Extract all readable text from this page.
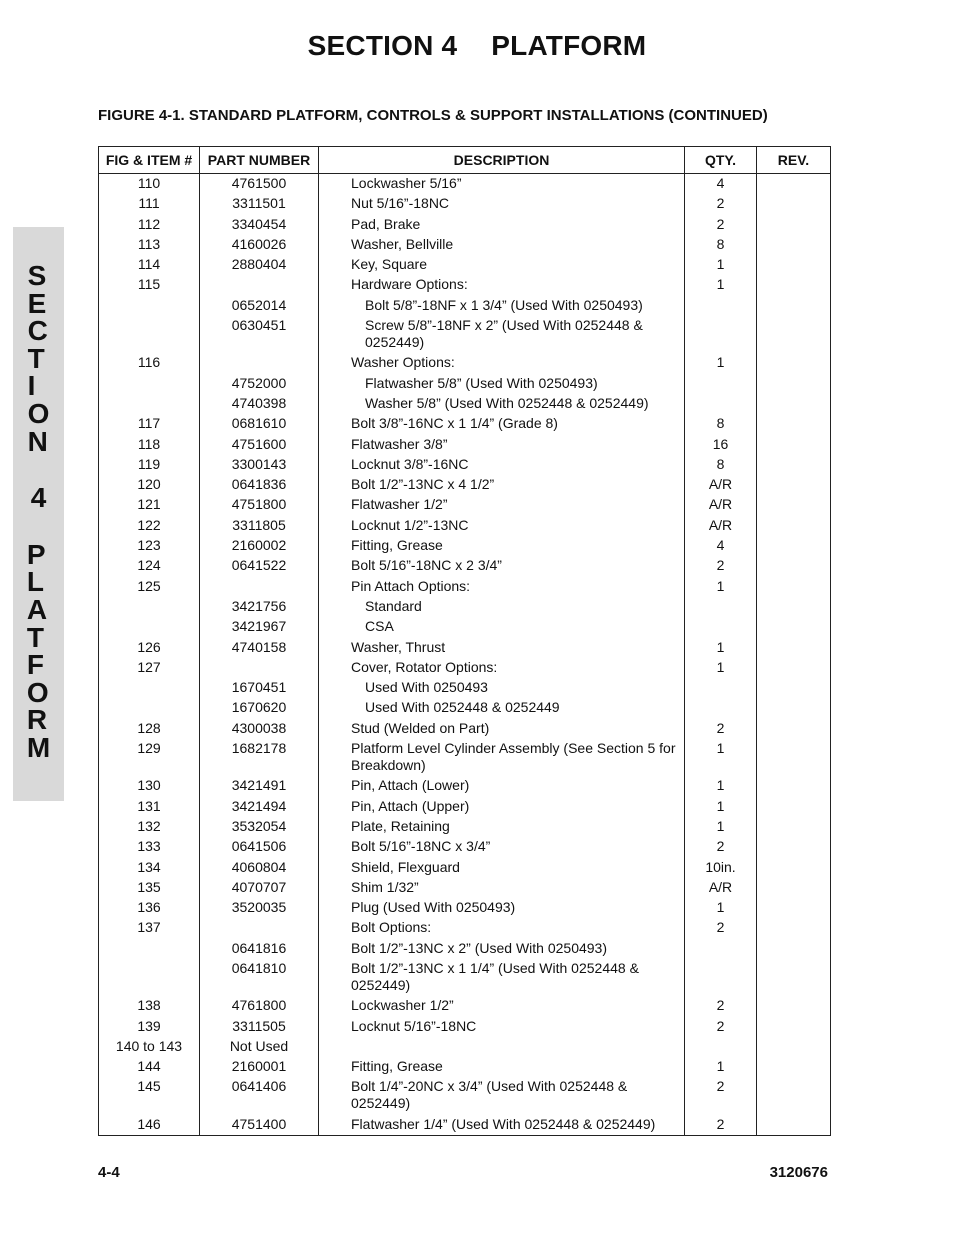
SECTION 4 PLATFORM
FIGURE 4-1. STANDARD PLATFORM, CONTROLS & SUPPORT INSTALLATIONS (CONTINUED)
S
E
C
T
I
O
N
4
P
L
A
T
F
O
R
M
FIG & ITEM #	PART NUMBER	DESCRIPTION	QTY.	REV.
110	4761500	Lockwasher 5/16”	4	
111	3311501	Nut 5/16”-18NC	2	
112	3340454	Pad, Brake	2	
113	4160026	Washer, Bellville	8	
114	2880404	Key, Square	1	
115		Hardware Options:	1	
	0652014	Bolt 5/8”-18NF x 1 3/4” (Used With 0250493)		
	0630451	Screw 5/8”-18NF x 2” (Used With 0252448 & 0252449)		
116		Washer Options:	1	
	4752000	Flatwasher 5/8” (Used With 0250493)		
	4740398	Washer 5/8” (Used With 0252448 & 0252449)		
117	0681610	Bolt 3/8”-16NC x 1 1/4” (Grade 8)	8	
118	4751600	Flatwasher 3/8”	16	
119	3300143	Locknut 3/8”-16NC	8	
120	0641836	Bolt 1/2”-13NC x 4 1/2”	A/R	
121	4751800	Flatwasher 1/2”	A/R	
122	3311805	Locknut 1/2”-13NC	A/R	
123	2160002	Fitting, Grease	4	
124	0641522	Bolt 5/16”-18NC x 2 3/4”	2	
125		Pin Attach Options:	1	
	3421756	Standard		
	3421967	CSA		
126	4740158	Washer, Thrust	1	
127		Cover, Rotator Options:	1	
	1670451	Used With 0250493		
	1670620	Used With 0252448 & 0252449		
128	4300038	Stud (Welded on Part)	2	
129	1682178	Platform Level Cylinder Assembly (See Section 5 for Breakdown)	1	
130	3421491	Pin, Attach (Lower)	1	
131	3421494	Pin, Attach (Upper)	1	
132	3532054	Plate, Retaining	1	
133	0641506	Bolt 5/16”-18NC x 3/4”	2	
134	4060804	Shield, Flexguard	10in.	
135	4070707	Shim 1/32”	A/R	
136	3520035	Plug (Used With 0250493)	1	
137		Bolt Options:	2	
	0641816	Bolt 1/2”-13NC x 2” (Used With 0250493)		
	0641810	Bolt 1/2”-13NC x 1 1/4” (Used With 0252448 & 0252449)		
138	4761800	Lockwasher 1/2”	2	
139	3311505	Locknut 5/16”-18NC	2	
140 to 143	Not Used			
144	2160001	Fitting, Grease	1	
145	0641406	Bolt 1/4”-20NC x 3/4” (Used With 0252448 & 0252449)	2	
146	4751400	Flatwasher 1/4” (Used With 0252448 & 0252449)	2	
4-4	3120676
